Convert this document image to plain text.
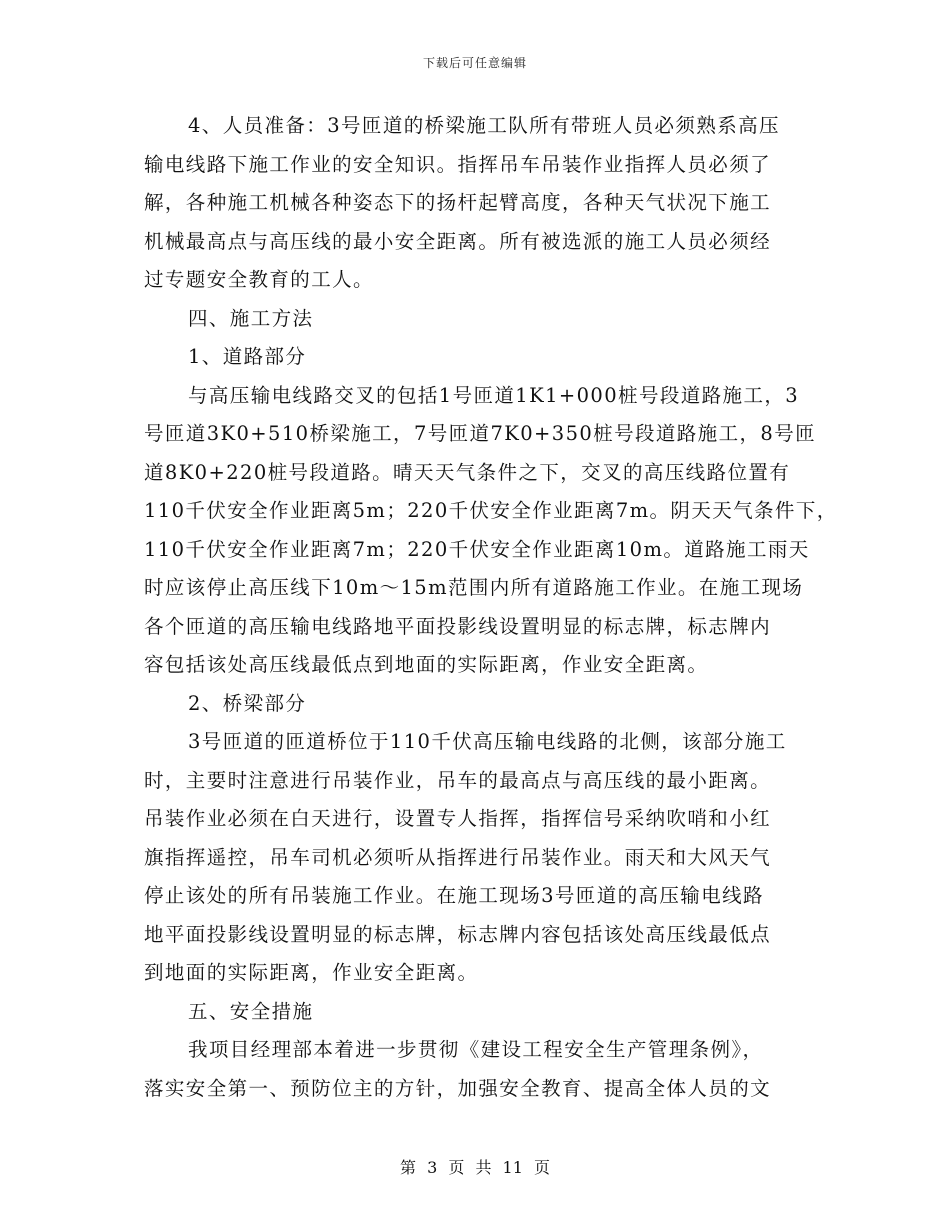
下载后可任意编辑
4、人员准备：3号匝道的桥梁施工队所有带班人员必须熟系高压
输电线路下施工作业的安全知识。指挥吊车吊装作业指挥人员必须了
解，各种施工机械各种姿态下的扬杆起臂高度，各种天气状况下施工
机械最高点与高压线的最小安全距离。所有被选派的施工人员必须经
过专题安全教育的工人。
四、施工方法
1、道路部分
与高压输电线路交叉的包括1号匝道1K1+000桩号段道路施工，3
号匝道3K0+510桥梁施工，7号匝道7K0+350桩号段道路施工，8号匝
道8K0+220桩号段道路。晴天天气条件之下，交叉的高压线路位置有
110千伏安全作业距离5m；220千伏安全作业距离7m。阴天天气条件下，
110千伏安全作业距离7m；220千伏安全作业距离10m。道路施工雨天
时应该停止高压线下10m～15m范围内所有道路施工作业。在施工现场
各个匝道的高压输电线路地平面投影线设置明显的标志牌，标志牌内
容包括该处高压线最低点到地面的实际距离，作业安全距离。
2、桥梁部分
3号匝道的匝道桥位于110千伏高压输电线路的北侧，该部分施工
时，主要时注意进行吊装作业，吊车的最高点与高压线的最小距离。
吊装作业必须在白天进行，设置专人指挥，指挥信号采纳吹哨和小红
旗指挥遥控，吊车司机必须听从指挥进行吊装作业。雨天和大风天气
停止该处的所有吊装施工作业。在施工现场3号匝道的高压输电线路
地平面投影线设置明显的标志牌，标志牌内容包括该处高压线最低点
到地面的实际距离，作业安全距离。
五、安全措施
我项目经理部本着进一步贯彻《建设工程安全生产管理条例》，
落实安全第一、预防位主的方针，加强安全教育、提高全体人员的文
第 3 页 共 11 页
